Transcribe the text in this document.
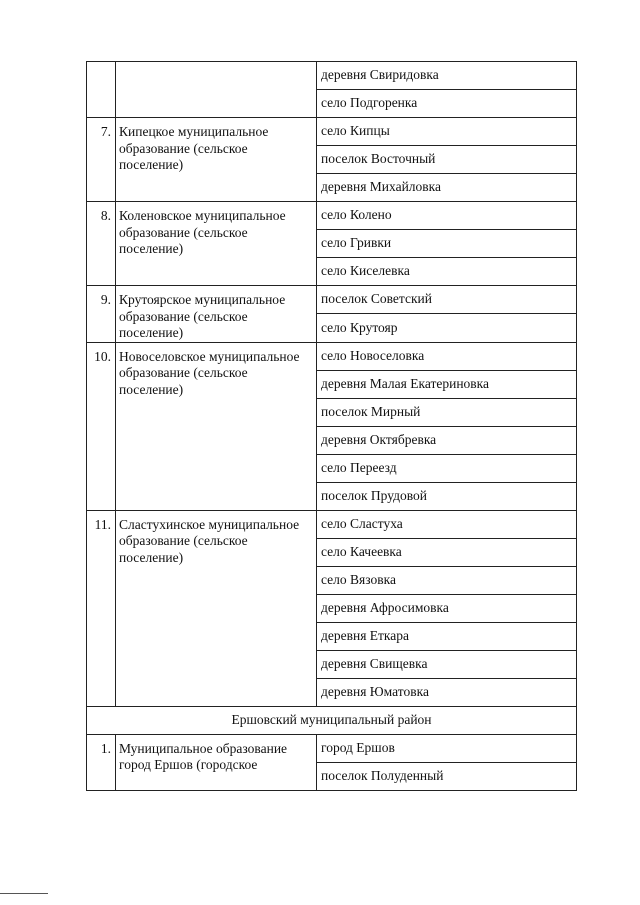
		деревня Свиридовка
		село Подгоренка
7.	Кипецкое муниципальное образование (сельское поселение)	село Кипцы
		поселок Восточный
		деревня Михайловка
8.	Коленовское муниципальное образование (сельское поселение)	село Колено
		село Гривки
		село Киселевка
9.	Крутоярское муниципальное образование (сельское поселение)	поселок Советский
		село Крутояр
10.	Новоселовское муниципальное образование (сельское поселение)	село Новоселовка
		деревня Малая Екатериновка
		поселок Мирный
		деревня Октябревка
		село Переезд
		поселок Прудовой
11.	Сластухинское муниципальное образование (сельское поселение)	село Сластуха
		село Качеевка
		село Вязовка
		деревня Афросимовка
		деревня Еткара
		деревня Свищевка
		деревня Юматовка
Ершовский муниципальный район		
1.	Муниципальное образование город Ершов (городское	город Ершов
		поселок Полуденный
